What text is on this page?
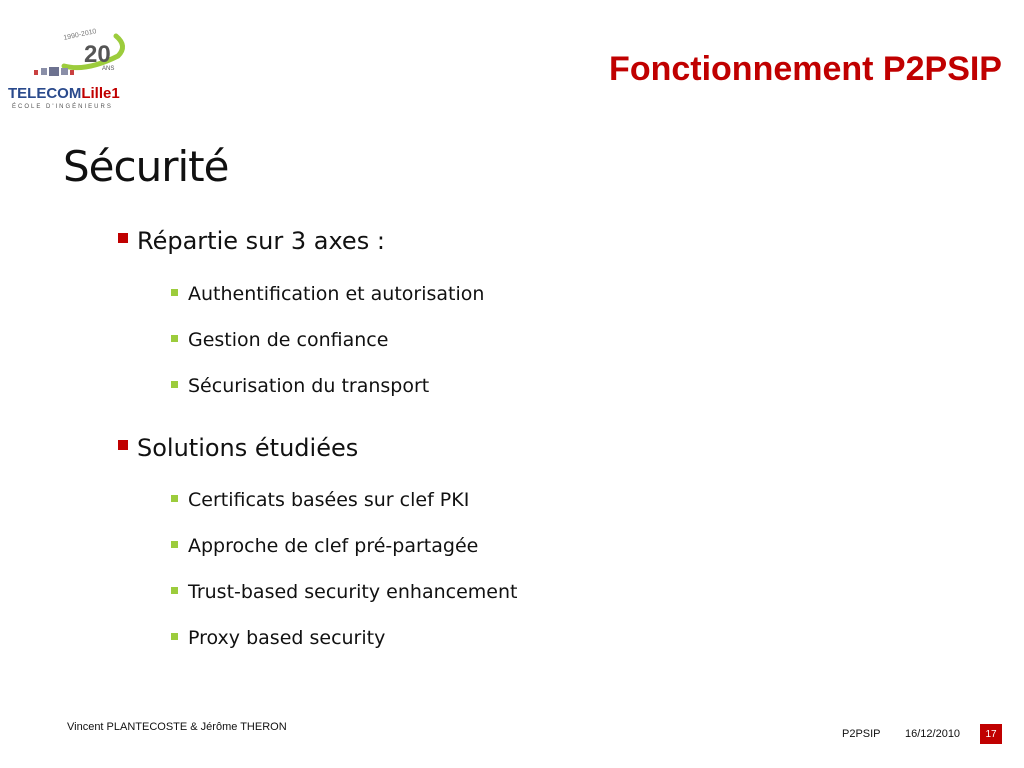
1990-2010
20
ANS
TELECOMLille1
ÉCOLE D'INGÉNIEURS
Fonctionnement P2PSIP
Sécurité
Répartie sur 3 axes :
Authentification et autorisation
Gestion de confiance
Sécurisation du transport
Solutions étudiées
Certificats basées sur clef PKI
Approche de clef pré-partagée
Trust-based security enhancement
Proxy based security
Vincent PLANTECOSTE & Jérôme THERON
P2PSIP 16/12/2010	17
